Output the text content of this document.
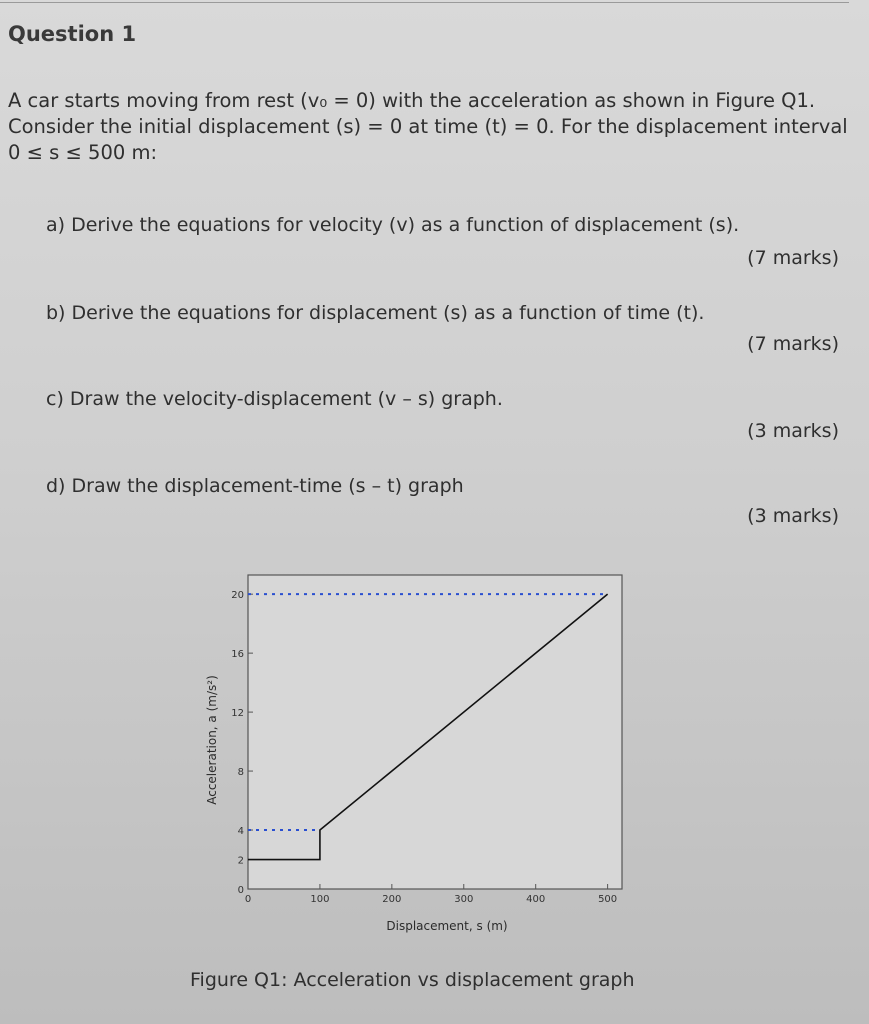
Question 1
A car starts moving from rest (v₀ = 0) with the acceleration as shown in Figure Q1. Consider the initial displacement (s) = 0 at time (t) = 0. For the displacement interval 0 ≤ s ≤ 500 m:
a) Derive the equations for velocity (v) as a function of displacement (s).
(7 marks)
b) Derive the equations for displacement (s) as a function of time (t).
(7 marks)
c) Draw the velocity-displacement (v – s) graph.
(3 marks)
d) Draw the displacement-time (s – t) graph
(3 marks)
0	100	200	300	400	500
0
2
4
8
12
16
20
Displacement, s (m)
Acceleration, a (m/s²)
Figure Q1: Acceleration vs displacement graph
